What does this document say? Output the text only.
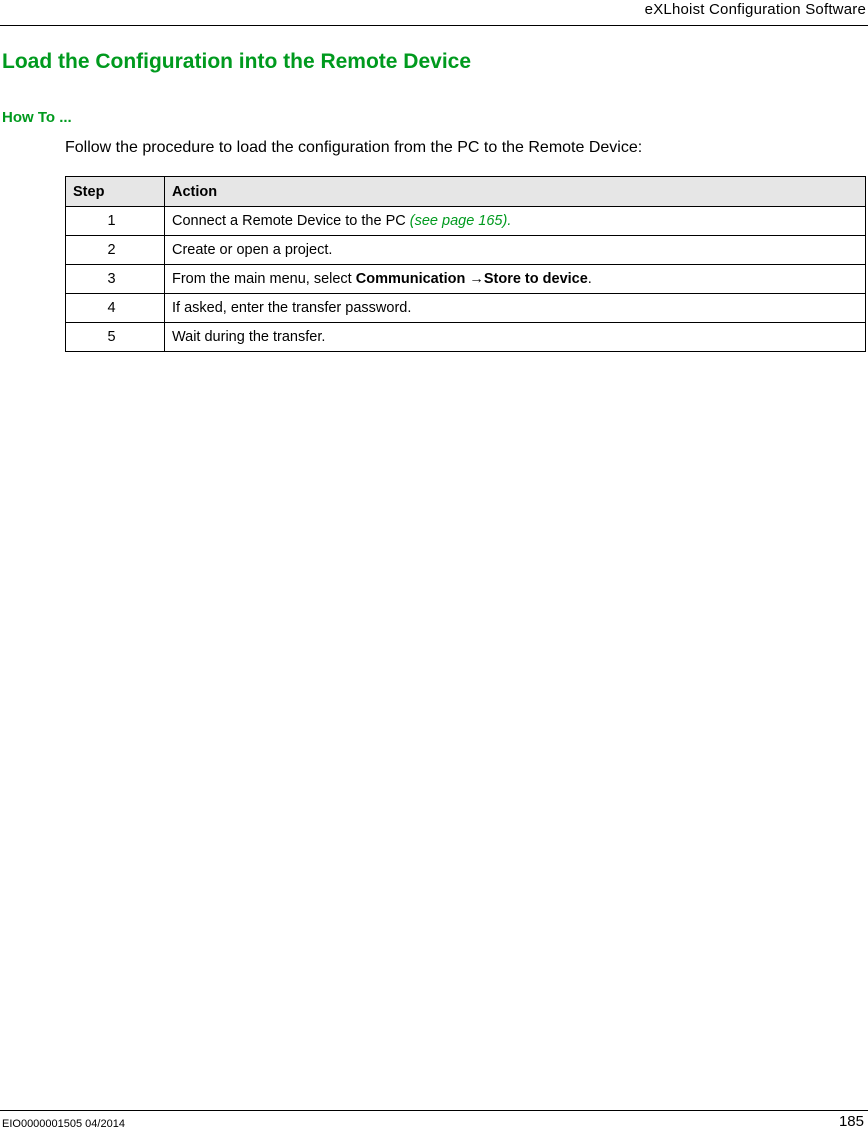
eXLhoist Configuration Software
Load the Configuration into the Remote Device
How To ...

Follow the procedure to load the configuration from the PC to the Remote Device:

Step	Action
1	Connect a Remote Device to the PC (see page 165).
2	Create or open a project.
3	From the main menu, select Communication →Store to device.
4	If asked, enter the transfer password.
5	Wait during the transfer.
EIO0000001505 04/2014	185
